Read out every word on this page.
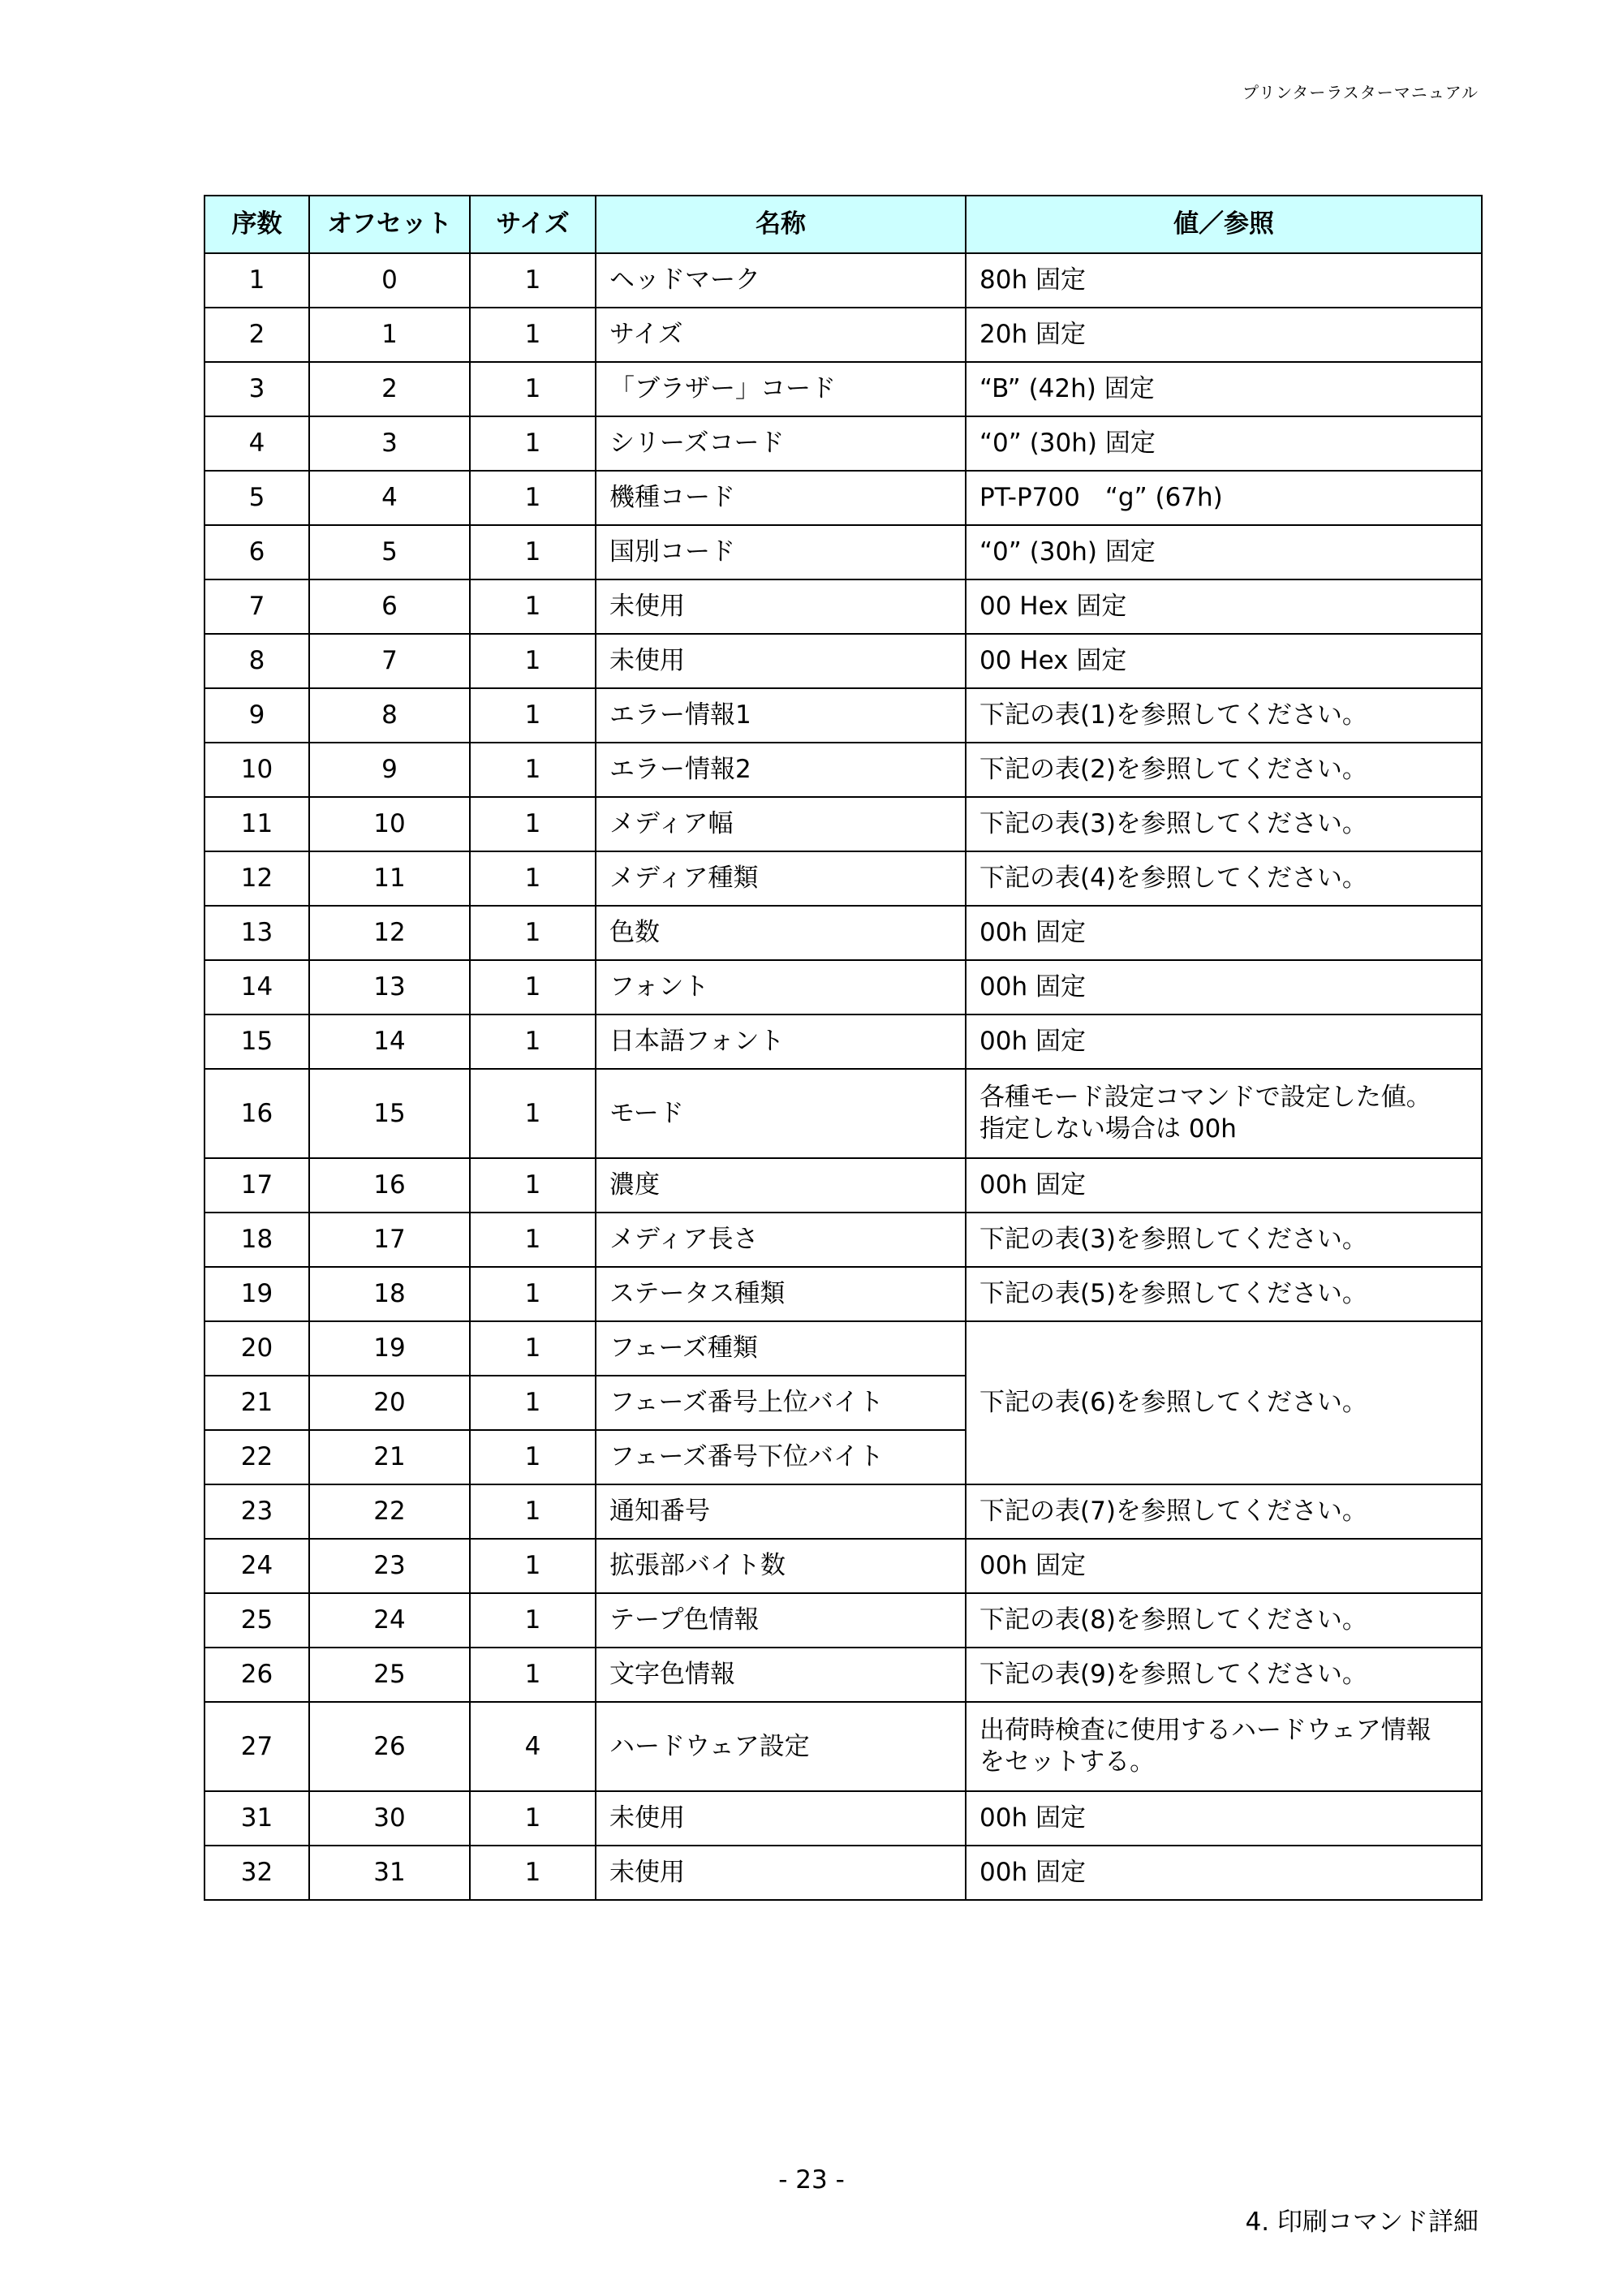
プリンターラスターマニュアル
序数	オフセット	サイズ	名称	値／参照
1	0	1	ヘッドマーク	80h 固定
2	1	1	サイズ	20h 固定
3	2	1	「ブラザー」コード	“B” (42h) 固定
4	3	1	シリーズコード	“0” (30h) 固定
5	4	1	機種コード	PT-P700　“g” (67h)
6	5	1	国別コード	“0” (30h) 固定
7	6	1	未使用	00 Hex 固定
8	7	1	未使用	00 Hex 固定
9	8	1	エラー情報1	下記の表(1)を参照してください。
10	9	1	エラー情報2	下記の表(2)を参照してください。
11	10	1	メディア幅	下記の表(3)を参照してください。
12	11	1	メディア種類	下記の表(4)を参照してください。
13	12	1	色数	00h 固定
14	13	1	フォント	00h 固定
15	14	1	日本語フォント	00h 固定
16	15	1	モード	各種モード設定コマンドで設定した値。
指定しない場合は 00h

17	16	1	濃度	00h 固定
18	17	1	メディア長さ	下記の表(3)を参照してください。
19	18	1	ステータス種類	下記の表(5)を参照してください。
20	19	1	フェーズ種類	下記の表(6)を参照してください。
21	20	1	フェーズ番号上位バイト	
22	21	1	フェーズ番号下位バイト	
23	22	1	通知番号	下記の表(7)を参照してください。
24	23	1	拡張部バイト数	00h 固定
25	24	1	テープ色情報	下記の表(8)を参照してください。
26	25	1	文字色情報	下記の表(9)を参照してください。
27	26	4	ハードウェア設定	出荷時検査に使用するハードウェア情報
をセットする。

31	30	1	未使用	00h 固定
32	31	1	未使用	00h 固定
- 23 -
4. 印刷コマンド詳細
